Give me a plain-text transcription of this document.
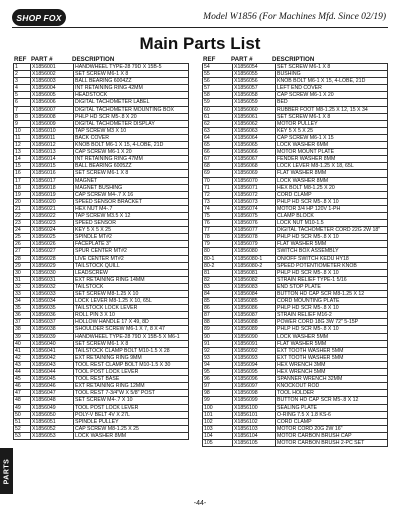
SHOP FOX	Model W1856 (For Machines Mfd. Since 02/19)
Main Parts List
REF PART #	DESCRIPTION
1	X1856001	HANDWHEEL TYPE-28 79D X 15B-5
2	X1856002	SET SCREW M6-1 X 8
3	X1856003	BALL BEARING 6004ZZ
4	X1856004	INT RETAINING RING 42MM
5	X1856005	HEADSTOCK
6	X1856006	DIGITAL TACHOMETER LABEL
7	X1856007	DIGITAL TACHOMETER MOUNTING BOX
8	X1856008	PHLP HD SCR M5-.8 X 20
9	X1856009	DIGITAL TACHOMETER DISPLAY
10	X1856010	TAP SCREW M3 X 10
11	X1856011	BACK COVER
12	X1856012	KNOB BOLT M6-1 X 15, 4-LOBE, 21D
13	X1856013	CAP SCREW M6-1 X 20
14	X1856014	INT RETAINING RING 47MM
15	X1856015	BALL BEARING 6005ZZ
16	X1856016	SET SCREW M6-1 X 8
17	X1856017	MAGNET
18	X1856018	MAGNET BUSHING
19	X1856019	CAP SCREW M4-.7 X 16
20	X1856020	SPEED SENSOR BRACKET
21	X1856021	HEX NUT M4-.7
22	X1856022	TAP SCREW M3.5 X 12
23	X1856023	SPEED SENSOR
24	X1856024	KEY 5 X 5 X 25
25	X1856025	SPINDLE MT#2
26	X1856026	FACEPLATE 3"
27	X1856027	SPUR CENTER MT#2
28	X1856028	LIVE CENTER MT#2
29	X1856029	TAILSTOCK QUILL
30	X1856030	LEADSCREW
31	X1856031	EXT RETAINING RING 14MM
32	X1856032	TAILSTOCK
33	X1856033	SET SCREW M8-1.25 X 10
34	X1856034	LOCK LEVER M8-1.25 X 10, 65L
35	X1856035	TAILSTOCK LOCK LEVER
36	X1856036	ROLL PIN 3 X 10
37	X1856037	HOLLOW HANDLE 17 X 49, 8D
38	X1856038	SHOULDER SCREW M6-1 X 7, 8 X 47
39	X1856039	HANDWHEEL TYPE-28 79D X 15B-5 X M6-1
40	X1856040	SET SCREW M6-1 X 8
41	X1856041	TAILSTOCK CLAMP BOLT M10-1.5 X 28
42	X1856042	EXT RETAINING RING 9MM
43	X1856043	TOOL REST CLAMP BOLT M10-1.5 X 30
44	X1856044	TOOL POST LOCK LEVER
45	X1856045	TOOL REST BASE
46	X1856046	EXT RETAINING RING 12MM
47	X1856047	TOOL REST 7-3/4"W X 5/8" POST
48	X1856048	SET SCREW M4-.7 X 10
49	X1856049	TOOL POST LOCK LEVER
50	X1856050	POLY-V BELT 4V X 27L
51	X1856051	SPINDLE PULLEY
52	X1856052	CAP SCREW M8-1.25 X 25
53	X1856053	LOCK WASHER 8MM
REF	PART #	DESCRIPTION
54	X1856054	SET SCREW M6-1 X 8
55	X1856055	BUSHING
56	X1856056	KNOB BOLT M6-1 X 15, 4-LOBE, 21D
57	X1856057	LEFT END COVER
58	X1856058	CAP SCREW M6-1 X 20
59	X1856059	BED
60	X1856060	RUBBER FOOT M8-1.25 X 12, 15 X 34
61	X1856061	SET SCREW M6-1 X 8
62	X1856062	MOTOR PULLEY
63	X1856063	KEY 5 X 5 X 25
64	X1856064	CAP SCREW M6-1 X 15
65	X1856065	LOCK WASHER 6MM
66	X1856066	MOTOR MOUNT PLATE
67	X1856067	FENDER WASHER 8MM
68	X1856068	LOCK LEVER M8-1.25 X 18, 65L
69	X1856069	FLAT WASHER 8MM
70	X1856070	LOCK WASHER 8MM
71	X1856071	HEX BOLT M8-1.25 X 20
72	X1856072	CORD CLAMP
73	X1856073	PHLP HD SCR M5-.8 X 10
74	X1856074	MOTOR 3/4 HP 120V 1-PH
75	X1856075	CLAMP BLOCK
76	X1856076	LOCK NUT M10-1.5
77	X1856077	DIGITAL TACHOMETER CORD 22G 2W 18"
78	X1856078	PHLP HD SCR M5-.8 X 10
79	X1856079	FLAT WASHER 5MM
80	X1856080	SWITCH BOX ASSEMBLY
80-1	X1856080-1	ON/OFF SWITCH KEDU HY18
80-2	X1856080-2	SPEED POTENTIOMETER KNOB
81	X1856081	PHLP HD SCR M5-.8 X 10
82	X1856082	STRAIN RELIEF TYPE-1 5/16
83	X1856083	END STOP PLATE
84	X1856084	BUTTON HD CAP SCR M8-1.25 X 12
85	X1856085	CORD MOUNTING PLATE
86	X1856086	PHLP HD SCR M5-.8 X 10
87	X1856087	STRAIN RELIEF M16-2
88	X1856088	POWER CORD 18G 3W 72" 5-15P
89	X1856089	PHLP HD SCR M5-.8 X 10
90	X1856090	LOCK WASHER 5MM
91	X1856091	FLAT WASHER 5MM
92	X1856092	EXT TOOTH WASHER 5MM
93	X1856093	EXT TOOTH WASHER 5MM
94	X1856094	HEX WRENCH 3MM
95	X1856095	HEX WRENCH 5MM
96	X1856096	SPANNER WRENCH 32MM
97	X1856097	KNOCKOUT ROD
98	X1856098	TOOL HOLDER
99	X1856099	BUTTON HD CAP SCR M5-.8 X 12
100	X1856100	SEALING PLATE
101	X1856101	O-RING 7.5 X 1.8 KS-6
102	X1856102	CORD CLAMP
103	X1856103	MOTOR CORD 20G 2W 16"
104	X1856104	MOTOR CARBON BRUSH CAP
105	X1856105	MOTOR CARBON BRUSH 2-PC SET
PARTS
-44-
